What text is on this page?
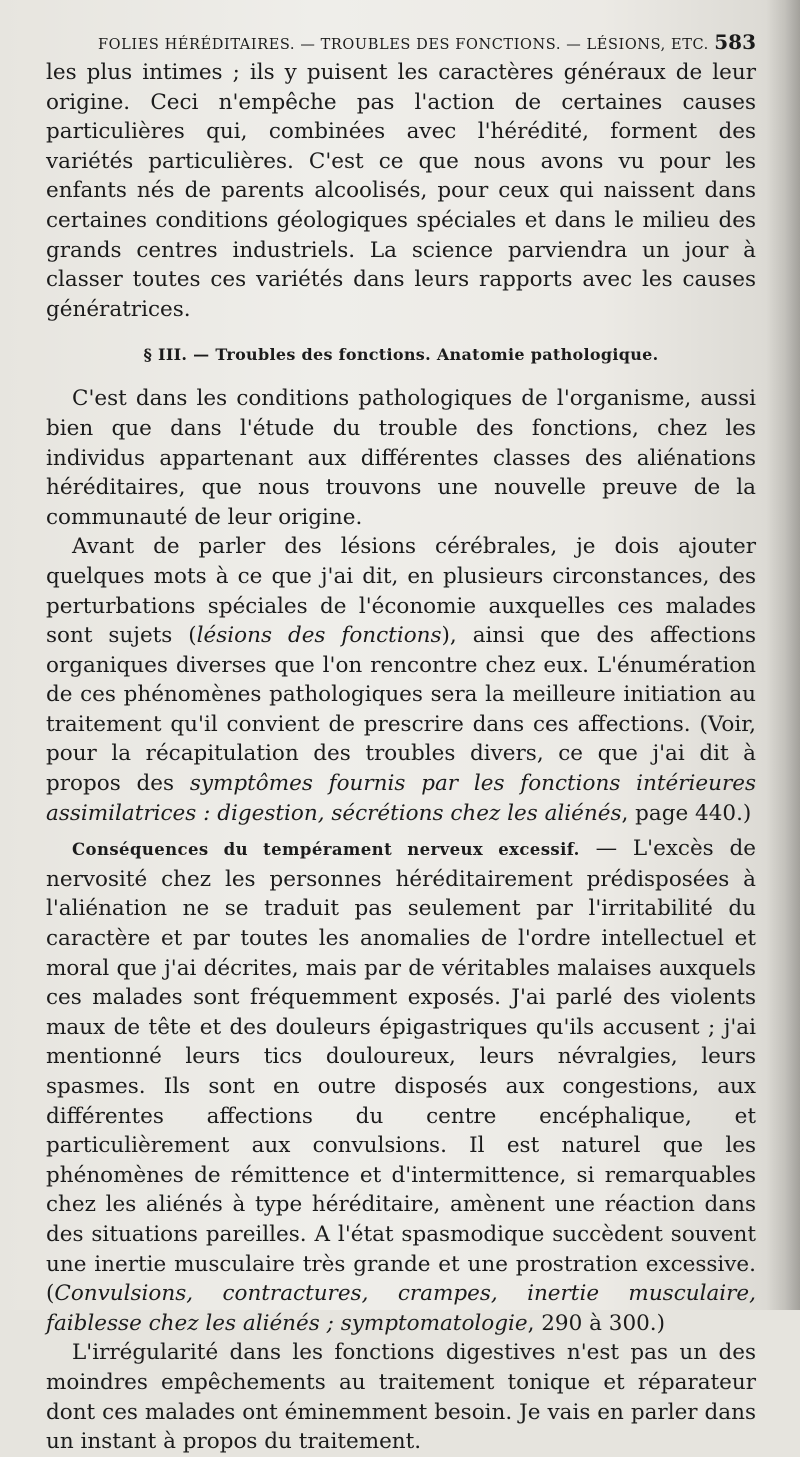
FOLIES HÉRÉDITAIRES. — TROUBLES DES FONCTIONS. — LÉSIONS, ETC. 583

les plus intimes ; ils y puisent les caractères généraux de leur origine. Ceci n'empêche pas l'action de certaines causes particulières qui, combinées avec l'hérédité, forment des variétés particulières. C'est ce que nous avons vu pour les enfants nés de parents alcoolisés, pour ceux qui naissent dans certaines conditions géologiques spéciales et dans le milieu des grands centres industriels. La science parviendra un jour à classer toutes ces variétés dans leurs rapports avec les causes génératrices.

§ III. — Troubles des fonctions. Anatomie pathologique.

C'est dans les conditions pathologiques de l'organisme, aussi bien que dans l'étude du trouble des fonctions, chez les individus appartenant aux différentes classes des aliénations héréditaires, que nous trouvons une nouvelle preuve de la communauté de leur origine.

Avant de parler des lésions cérébrales, je dois ajouter quelques mots à ce que j'ai dit, en plusieurs circonstances, des perturbations spéciales de l'économie auxquelles ces malades sont sujets (lésions des fonctions), ainsi que des affections organiques diverses que l'on rencontre chez eux. L'énumération de ces phénomènes pathologiques sera la meilleure initiation au traitement qu'il convient de prescrire dans ces affections. (Voir, pour la récapitulation des troubles divers, ce que j'ai dit à propos des symptômes fournis par les fonctions intérieures assimilatrices : digestion, sécrétions chez les aliénés, page 440.)

Conséquences du tempérament nerveux excessif. — L'excès de nervosité chez les personnes héréditairement prédisposées à l'aliénation ne se traduit pas seulement par l'irritabilité du caractère et par toutes les anomalies de l'ordre intellectuel et moral que j'ai décrites, mais par de véritables malaises auxquels ces malades sont fréquemment exposés. J'ai parlé des violents maux de tête et des douleurs épigastriques qu'ils accusent ; j'ai mentionné leurs tics douloureux, leurs névralgies, leurs spasmes. Ils sont en outre disposés aux congestions, aux différentes affections du centre encéphalique, et particulièrement aux convulsions. Il est naturel que les phénomènes de rémittence et d'intermittence, si remarquables chez les aliénés à type héréditaire, amènent une réaction dans des situations pareilles. A l'état spasmodique succèdent souvent une inertie musculaire très grande et une prostration excessive. (Convulsions, contractures, crampes, inertie musculaire, faiblesse chez les aliénés ; symptomatologie, 290 à 300.)

L'irrégularité dans les fonctions digestives n'est pas un des moindres empêchements au traitement tonique et réparateur dont ces malades ont éminemment besoin. Je vais en parler dans un instant à propos du traitement.
